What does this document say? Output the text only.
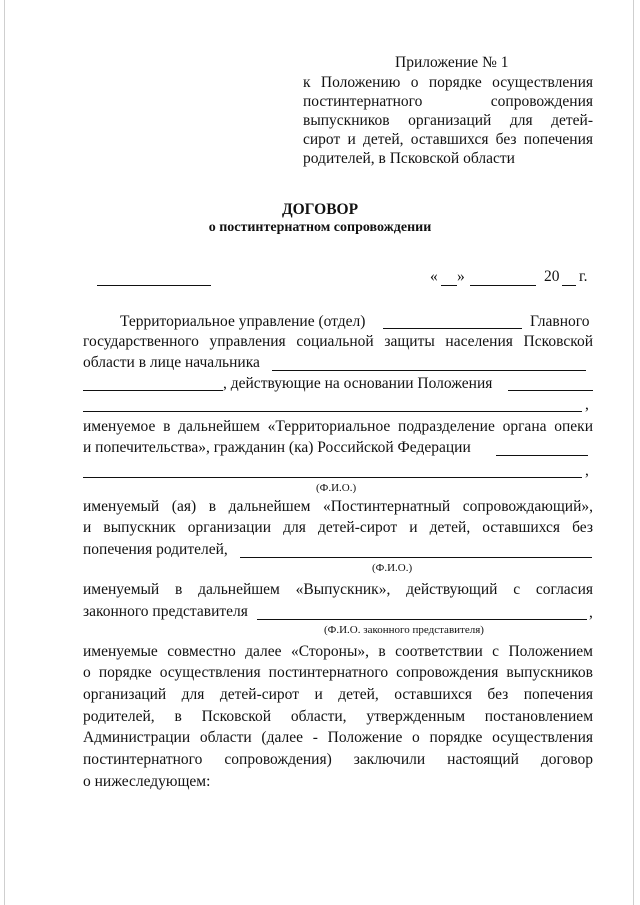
Приложение № 1
к Положению о порядке осуществления
постинтернатного сопровождения
выпускников организаций для детей-
сирот и детей, оставшихся без попечения
родителей, в Псковской области
ДОГОВОР
о постинтернатном сопровождении
« »	20 г.
Территориальное управление (отдел)	Главного
государственного управления социальной защиты населения Псковской
области в лице начальника
, действующие на основании Положения
,
именуемое в дальнейшем «Территориальное подразделение органа опеки
и попечительства», гражданин (ка) Российской Федерации
,
(Ф.И.О.)
именуемый (ая) в дальнейшем «Постинтернатный сопровождающий»,
и выпускник организации для детей-сирот и детей, оставшихся без
попечения родителей,
(Ф.И.О.)
именуемый в дальнейшем «Выпускник», действующий с согласия
законного представителя	,
(Ф.И.О. законного представителя)
именуемые совместно далее «Стороны», в соответствии с Положением
о порядке осуществления постинтернатного сопровождения выпускников
организаций для детей-сирот и детей, оставшихся без попечения
родителей, в Псковской области, утвержденным постановлением
Администрации области (далее - Положение о порядке осуществления
постинтернатного сопровождения) заключили настоящий договор
о нижеследующем:
